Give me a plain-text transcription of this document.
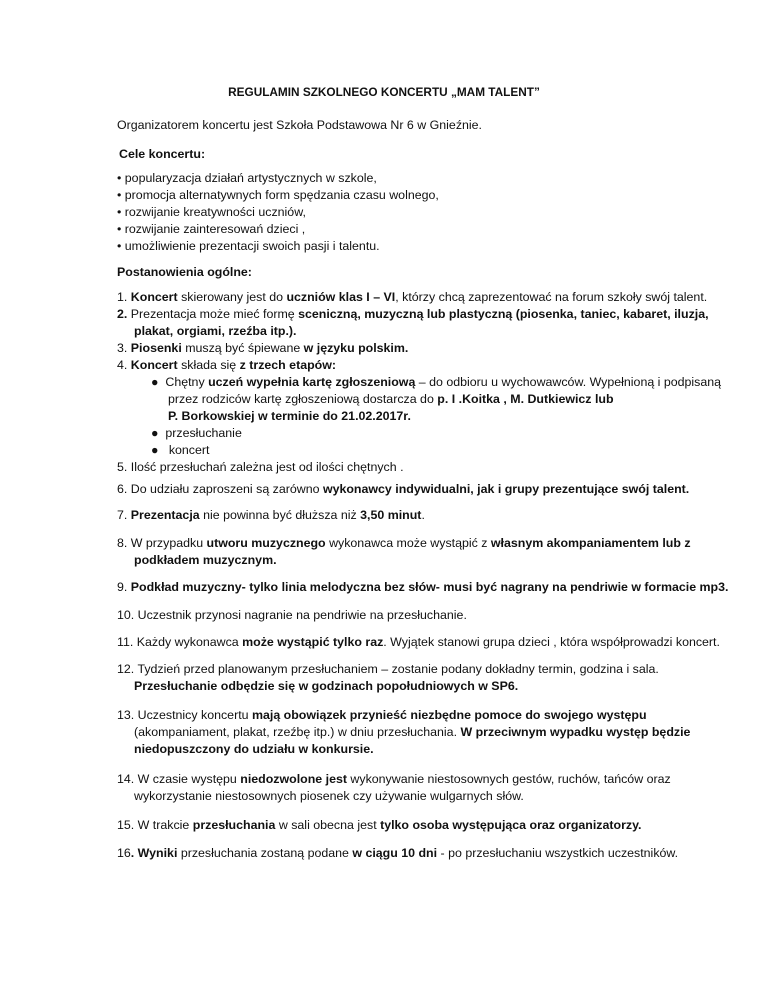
REGULAMIN SZKOLNEGO KONCERTU „MAM TALENT”

Organizatorem koncertu jest Szkoła Podstawowa Nr 6 w Gnieźnie.

Cele koncertu:

• popularyzacja działań artystycznych w szkole,

• promocja alternatywnych form spędzania czasu wolnego,

• rozwijanie kreatywności uczniów,

• rozwijanie zainteresowań dzieci ,

• umożliwienie prezentacji swoich pasji i talentu.

Postanowienia ogólne:

1. Koncert skierowany jest do uczniów klas I – VI, którzy chcą zaprezentować na forum szkoły swój talent.

2. Prezentacja może mieć formę sceniczną, muzyczną lub plastyczną (piosenka, taniec, kabaret, iluzja,

plakat, orgiami, rzeźba itp.).

3. Piosenki muszą być śpiewane w języku polskim.

4. Koncert składa się z trzech etapów:

● Chętny uczeń wypełnia kartę zgłoszeniową – do odbioru u wychowawców. Wypełnioną i podpisaną

przez rodziców kartę zgłoszeniową dostarcza do p. I .Koitka , M. Dutkiewicz lub

P. Borkowskiej w terminie do 21.02.2017r.

● przesłuchanie

●   koncert

5. Ilość przesłuchań zależna jest od ilości chętnych .

6. Do udziału zaproszeni są zarówno wykonawcy indywidualni, jak i grupy prezentujące swój talent.

7. Prezentacja nie powinna być dłuższa niż 3,50 minut.

8. W przypadku utworu muzycznego wykonawca może wystąpić z własnym akompaniamentem lub z

podkładem muzycznym.

9. Podkład muzyczny- tylko linia melodyczna bez słów- musi być nagrany na pendriwie w formacie mp3.

10. Uczestnik przynosi nagranie na pendriwie na przesłuchanie.

11. Każdy wykonawca może wystąpić tylko raz. Wyjątek stanowi grupa dzieci , która współprowadzi koncert.

12. Tydzień przed planowanym przesłuchaniem – zostanie podany dokładny termin, godzina i sala.

Przesłuchanie odbędzie się w godzinach popołudniowych w SP6.

13. Uczestnicy koncertu mają obowiązek przynieść niezbędne pomoce do swojego występu

(akompaniament, plakat, rzeźbę itp.) w dniu przesłuchania. W przeciwnym wypadku występ będzie

niedopuszczony do udziału w konkursie.

14. W czasie występu niedozwolone jest wykonywanie niestosownych gestów, ruchów, tańców oraz

wykorzystanie niestosownych piosenek czy używanie wulgarnych słów.

15. W trakcie przesłuchania w sali obecna jest tylko osoba występująca oraz organizatorzy.

16. Wyniki przesłuchania zostaną podane w ciągu 10 dni - po przesłuchaniu wszystkich uczestników.
